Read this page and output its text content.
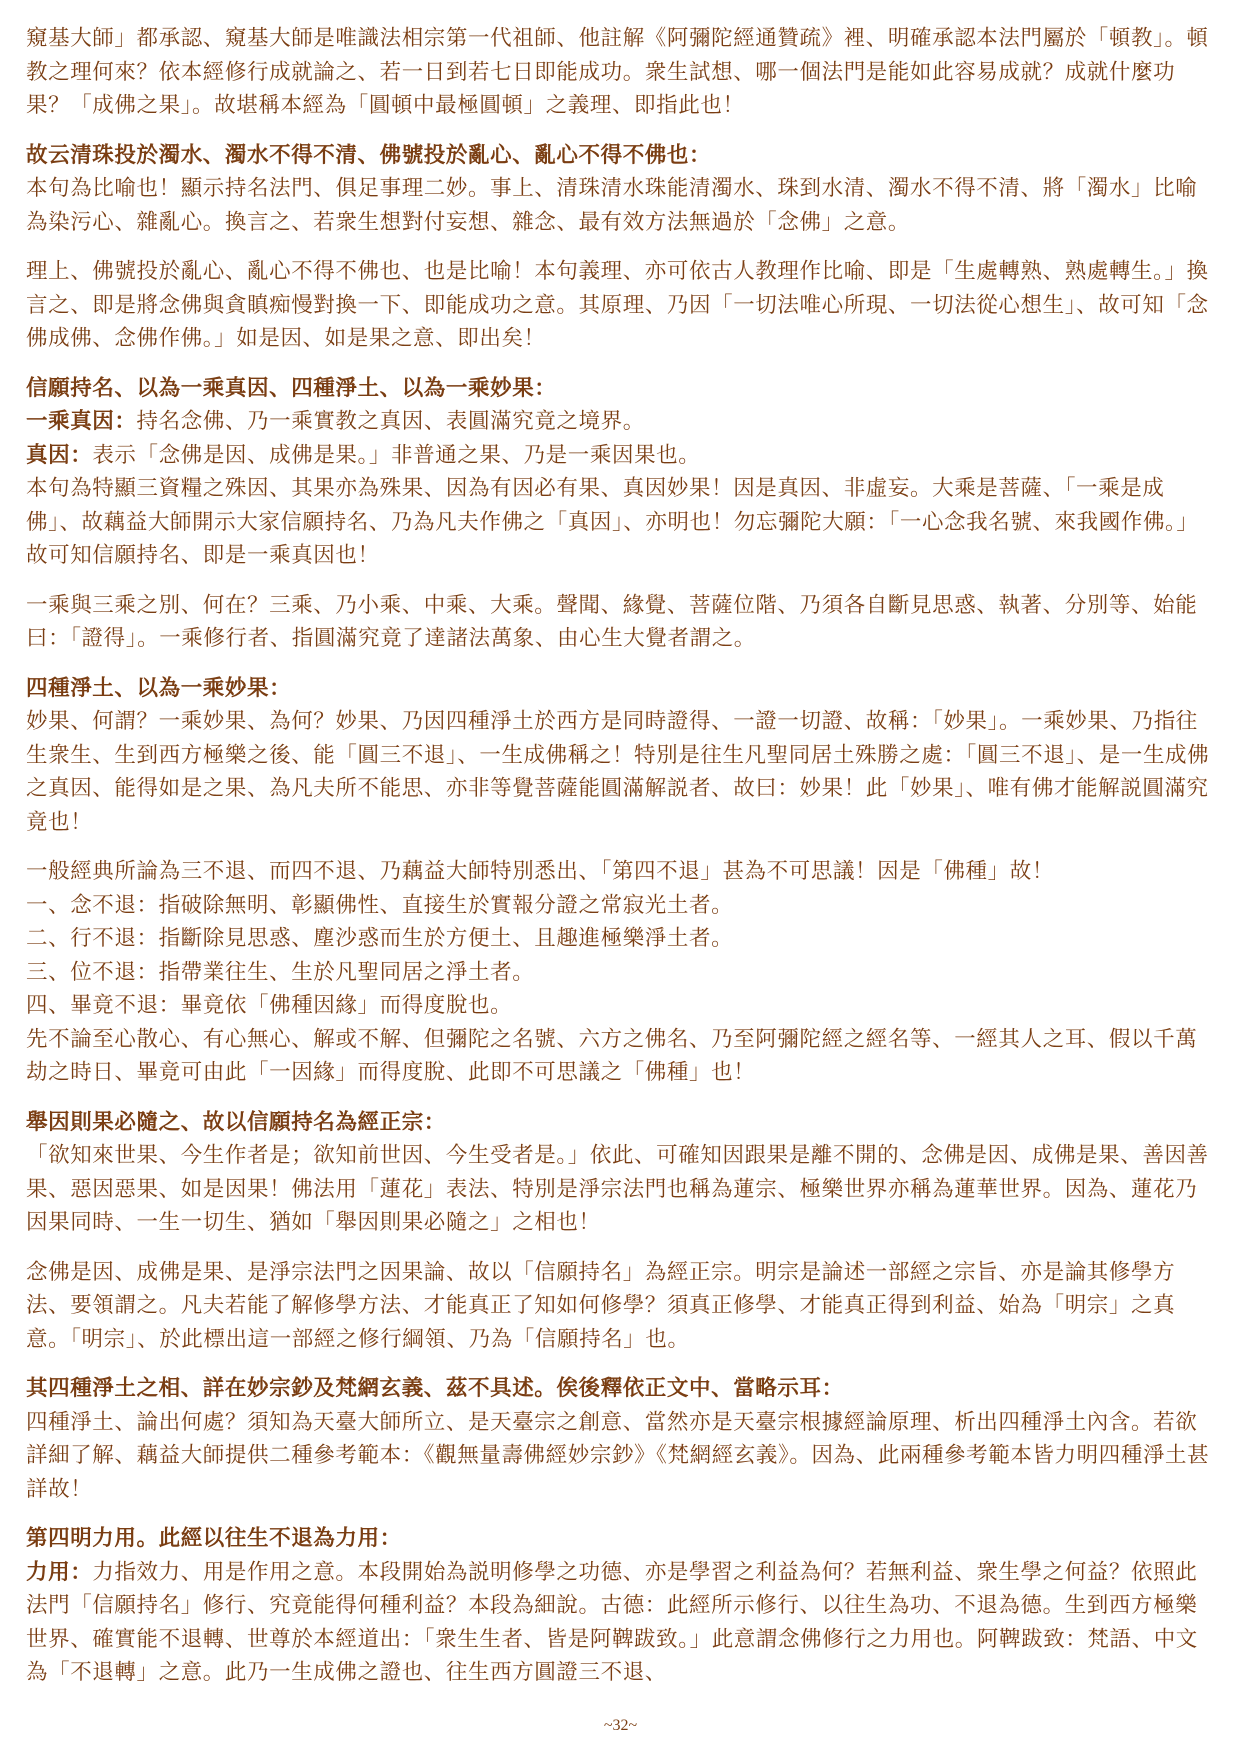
窺基大師」都承認、窺基大師是唯識法相宗第一代祖師、他註解《阿彌陀經通贊疏》裡、明確承認本法門屬於「頓教」。頓教之理何來？依本經修行成就論之、若一日到若七日即能成功。衆生試想、哪一個法門是能如此容易成就？成就什麼功果？「成佛之果」。故堪稱本經為「圓頓中最極圓頓」之義理、即指此也！

故云清珠投於濁水、濁水不得不清、佛號投於亂心、亂心不得不佛也：

本句為比喻也！顯示持名法門、俱足事理二妙。事上、清珠清水珠能清濁水、珠到水清、濁水不得不清、將「濁水」比喻為染污心、雜亂心。換言之、若衆生想對付妄想、雜念、最有效方法無過於「念佛」之意。

理上、佛號投於亂心、亂心不得不佛也、也是比喻！本句義理、亦可依古人教理作比喻、即是「生處轉熟、熟處轉生。」換言之、即是將念佛與貪瞋痴慢對換一下、即能成功之意。其原理、乃因「一切法唯心所現、一切法從心想生」、故可知「念佛成佛、念佛作佛。」如是因、如是果之意、即出矣！

信願持名、以為一乘真因、四種淨土、以為一乘妙果：

一乘真因：持名念佛、乃一乘實教之真因、表圓滿究竟之境界。

真因：表示「念佛是因、成佛是果。」非普通之果、乃是一乘因果也。

本句為特顯三資糧之殊因、其果亦為殊果、因為有因必有果、真因妙果！因是真因、非虛妄。大乘是菩薩、「一乘是成佛」、故藕益大師開示大家信願持名、乃為凡夫作佛之「真因」、亦明也！勿忘彌陀大願：「一心念我名號、來我國作佛。」故可知信願持名、即是一乘真因也！

一乘與三乘之別、何在？三乘、乃小乘、中乘、大乘。聲聞、緣覺、菩薩位階、乃須各自斷見思惑、執著、分別等、始能曰：「證得」。一乘修行者、指圓滿究竟了達諸法萬象、由心生大覺者謂之。

四種淨土、以為一乘妙果：

妙果、何謂？一乘妙果、為何？妙果、乃因四種淨土於西方是同時證得、一證一切證、故稱：「妙果」。一乘妙果、乃指往生衆生、生到西方極樂之後、能「圓三不退」、一生成佛稱之！特別是往生凡聖同居土殊勝之處：「圓三不退」、是一生成佛之真因、能得如是之果、為凡夫所不能思、亦非等覺菩薩能圓滿解説者、故曰：妙果！此「妙果」、唯有佛才能解説圓滿究竟也！

一般經典所論為三不退、而四不退、乃藕益大師特別悉出、「第四不退」甚為不可思議！因是「佛種」故！

一、念不退：指破除無明、彰顯佛性、直接生於實報分證之常寂光土者。

二、行不退：指斷除見思惑、塵沙惑而生於方便土、且趣進極樂淨土者。

三、位不退：指帶業往生、生於凡聖同居之淨土者。

四、畢竟不退：畢竟依「佛種因緣」而得度脫也。

先不論至心散心、有心無心、解或不解、但彌陀之名號、六方之佛名、乃至阿彌陀經之經名等、一經其人之耳、假以千萬劫之時日、畢竟可由此「一因緣」而得度脫、此即不可思議之「佛種」也！

舉因則果必隨之、故以信願持名為經正宗：

「欲知來世果、今生作者是；欲知前世因、今生受者是。」依此、可確知因跟果是離不開的、念佛是因、成佛是果、善因善果、惡因惡果、如是因果！佛法用「蓮花」表法、特別是淨宗法門也稱為蓮宗、極樂世界亦稱為蓮華世界。因為、蓮花乃因果同時、一生一切生、猶如「舉因則果必隨之」之相也！

念佛是因、成佛是果、是淨宗法門之因果論、故以「信願持名」為經正宗。明宗是論述一部經之宗旨、亦是論其修學方法、要領謂之。凡夫若能了解修學方法、才能真正了知如何修學？須真正修學、才能真正得到利益、始為「明宗」之真意。「明宗」、於此標出這一部經之修行綱領、乃為「信願持名」也。

其四種淨土之相、詳在妙宗鈔及梵網玄義、茲不具述。俟後釋依正文中、當略示耳：

四種淨土、論出何處？須知為天臺大師所立、是天臺宗之創意、當然亦是天臺宗根據經論原理、析出四種淨土內含。若欲詳細了解、藕益大師提供二種參考範本：《觀無量壽佛經妙宗鈔》《梵網經玄義》。因為、此兩種參考範本皆力明四種淨土甚詳故！

第四明力用。此經以往生不退為力用：

力用：力指效力、用是作用之意。本段開始為説明修學之功德、亦是學習之利益為何？若無利益、衆生學之何益？依照此法門「信願持名」修行、究竟能得何種利益？本段為細說。古德：此經所示修行、以往生為功、不退為德。生到西方極樂世界、確實能不退轉、世尊於本經道出：「衆生生者、皆是阿鞞跋致。」此意謂念佛修行之力用也。阿鞞跋致：梵語、中文為「不退轉」之意。此乃一生成佛之證也、往生西方圓證三不退、

~32~
